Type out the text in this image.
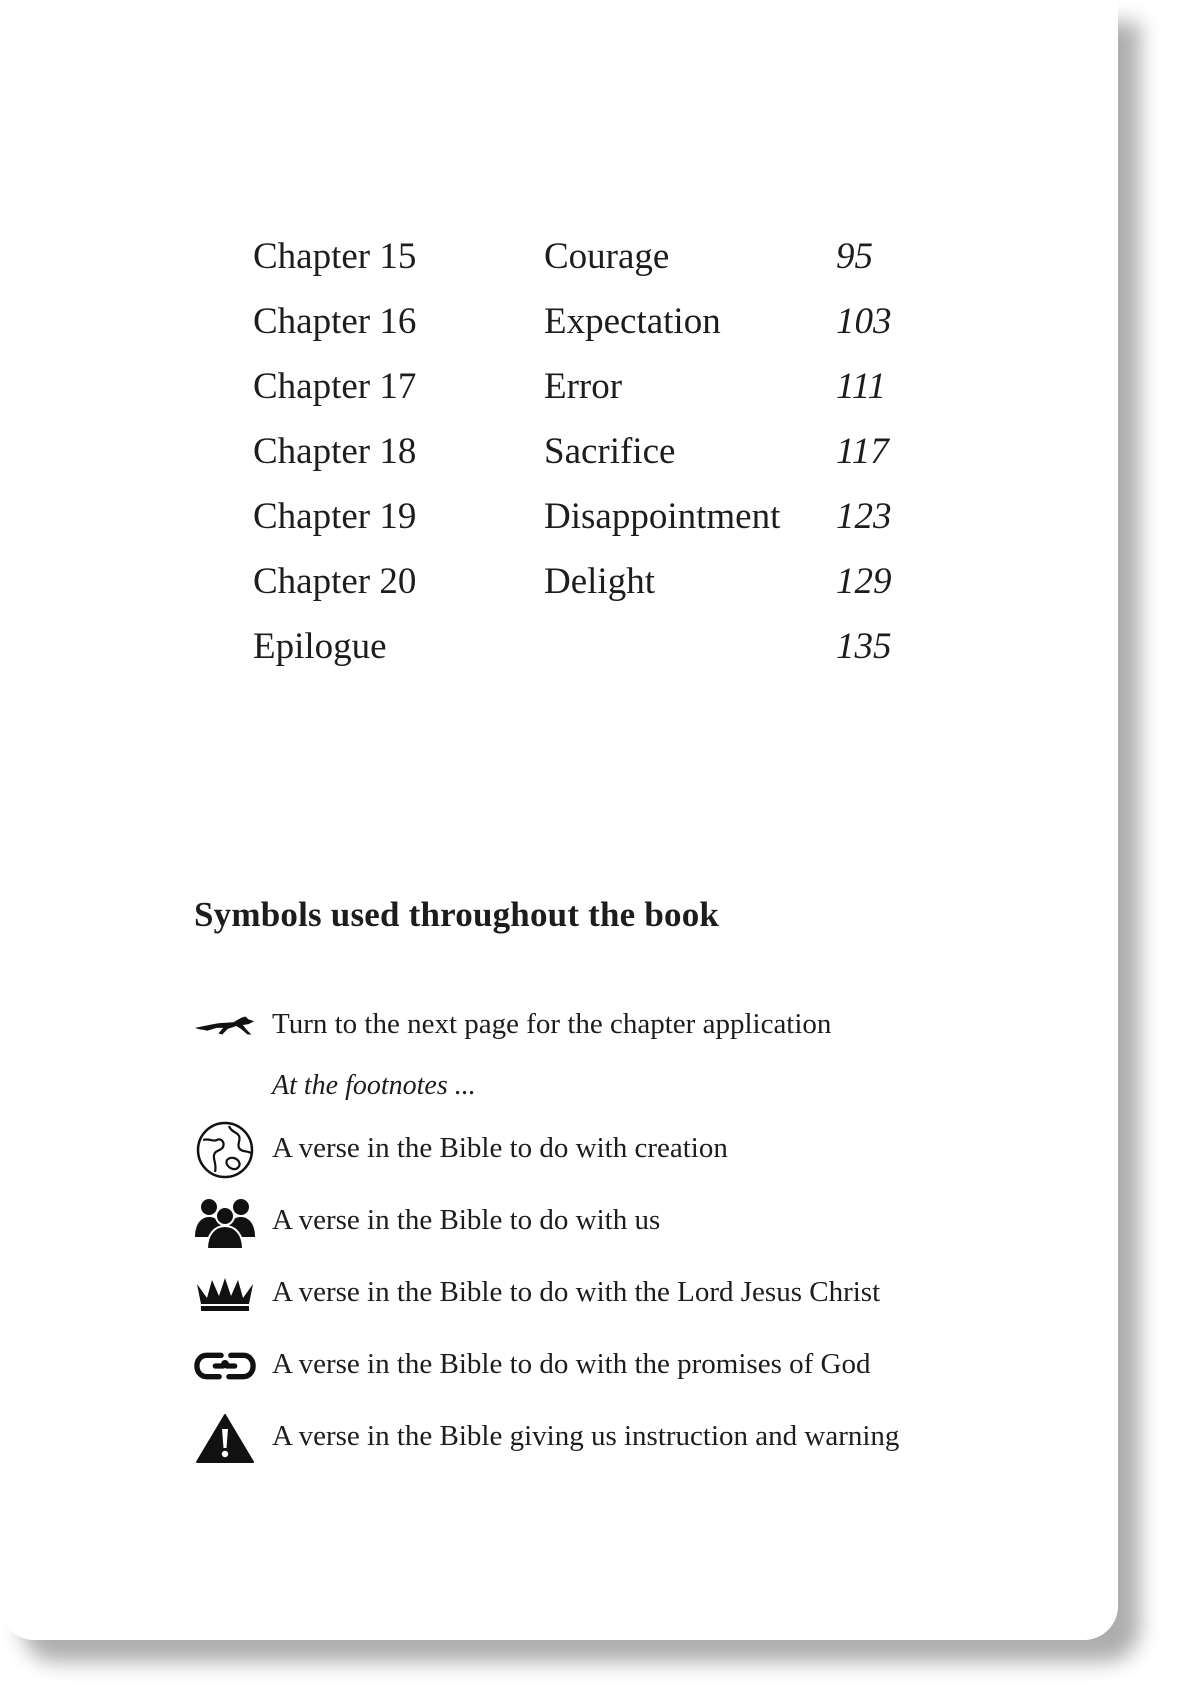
Chapter 15	Courage	95
Chapter 16	Expectation	103
Chapter 17	Error	111
Chapter 18	Sacrifice	117
Chapter 19	Disappointment 123
Chapter 20	Delight	129
Epilogue	135
Symbols used throughout the book
Turn to the next page for the chapter application
At the footnotes ...
A verse in the Bible to do with creation
A verse in the Bible to do with us
A verse in the Bible to do with the Lord Jesus Christ
A verse in the Bible to do with the promises of God
A verse in the Bible giving us instruction and warning
